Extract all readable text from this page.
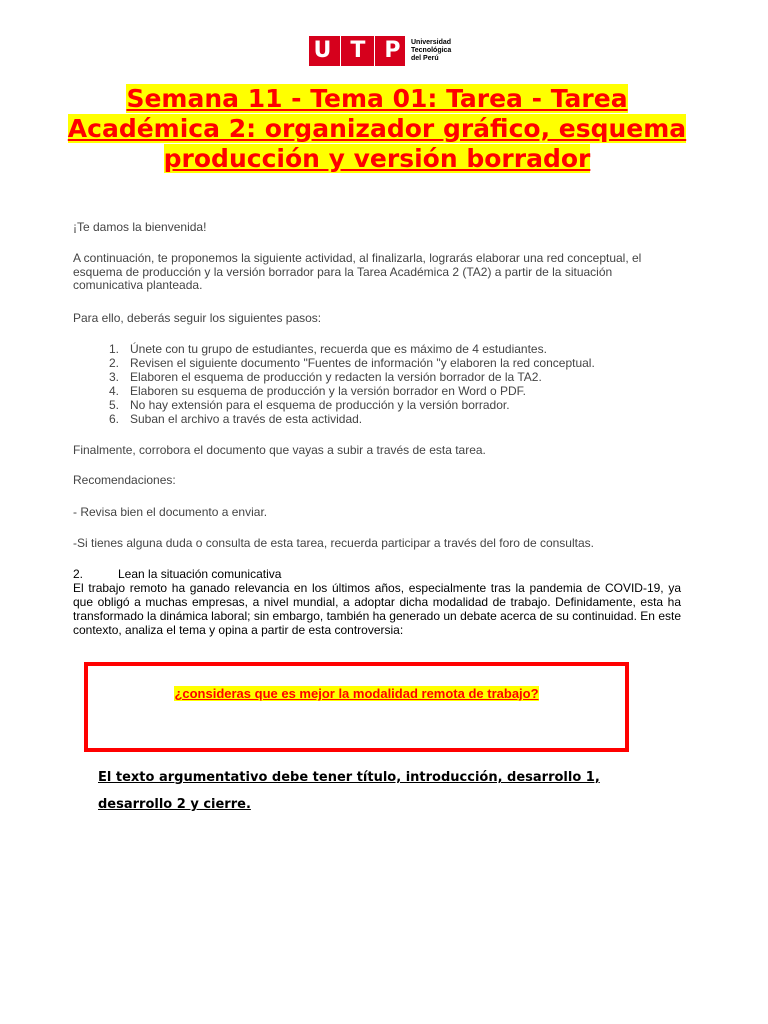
U T P Universidad
Tecnológica
del Perú
Semana 11 - Tema 01: Tarea - Tarea Académica 2: organizador gráfico, esquema producción y versión borrador

¡Te damos la bienvenida!

A continuación, te proponemos la siguiente actividad, al finalizarla, lograrás elaborar una red conceptual, el esquema de producción y la versión borrador para la Tarea Académica 2 (TA2) a partir de la situación comunicativa planteada.

Para ello, deberás seguir los siguientes pasos:

1. Únete con tu grupo de estudiantes, recuerda que es máximo de 4 estudiantes.
2. Revisen el siguiente documento "Fuentes de información "y elaboren la red conceptual.
3. Elaboren el esquema de producción y redacten la versión borrador de la TA2.
4. Elaboren su esquema de producción y la versión borrador en Word o PDF.
5. No hay extensión para el esquema de producción y la versión borrador.
6. Suban el archivo a través de esta actividad.

Finalmente, corrobora el documento que vayas a subir a través de esta tarea.

Recomendaciones:

- Revisa bien el documento a enviar.

-Si tienes alguna duda o consulta de esta tarea, recuerda participar a través del foro de consultas.

2.	Lean la situación comunicativa

El trabajo remoto ha ganado relevancia en los últimos años, especialmente tras la pandemia de COVID-19, ya que obligó a muchas empresas, a nivel mundial, a adoptar dicha modalidad de trabajo. Definidamente, esta ha transformado la dinámica laboral; sin embargo, también ha generado un debate acerca de su continuidad. En este contexto, analiza el tema y opina a partir de esta controversia:

¿consideras que es mejor la modalidad remota de trabajo?

El texto argumentativo debe tener título, introducción, desarrollo 1, desarrollo 2 y cierre.
